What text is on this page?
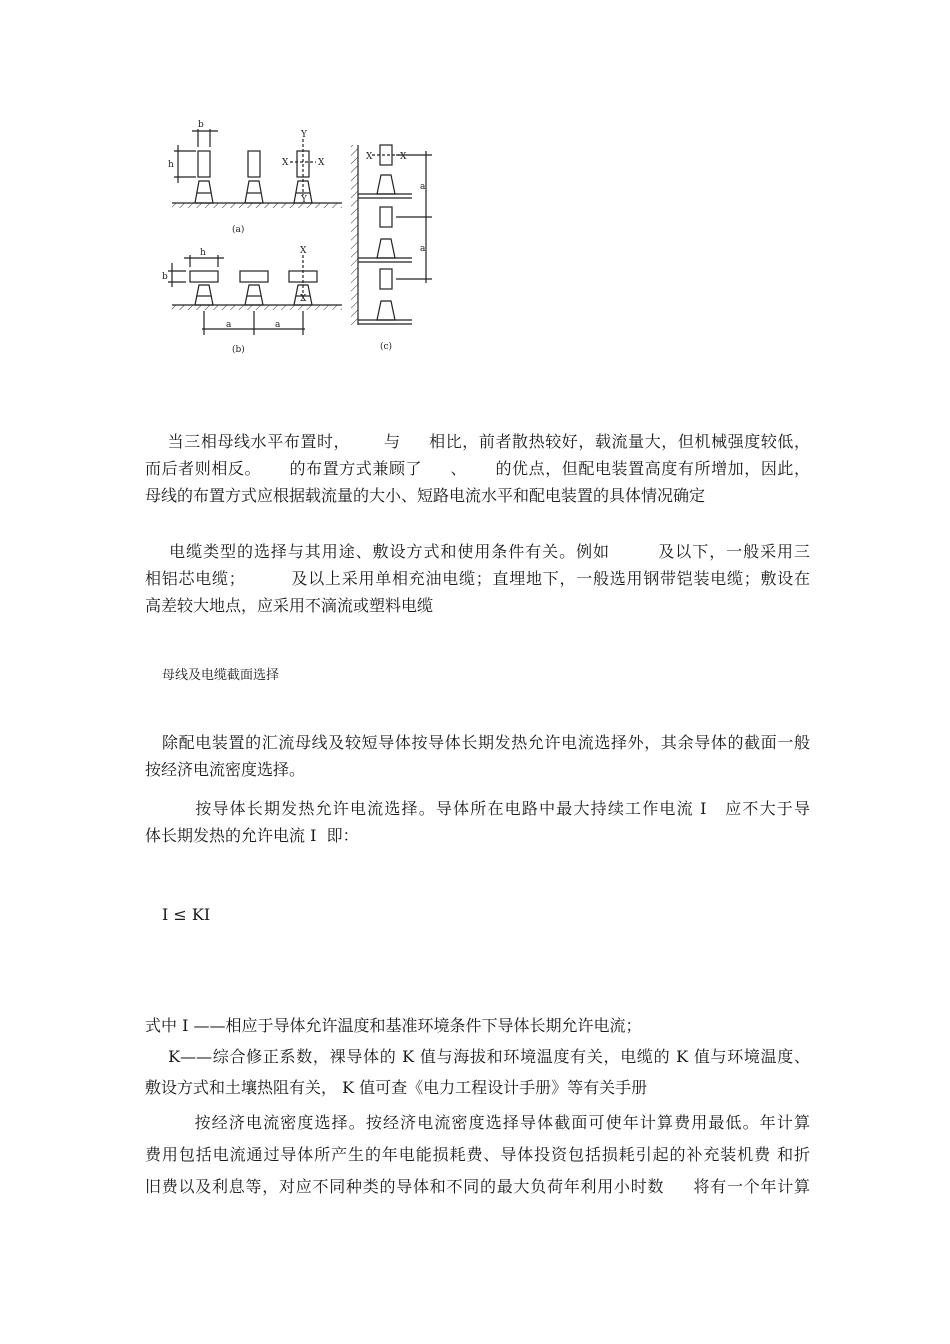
b
h
Y
Y
X	X
(a)
h
b
X
X
a	a
(b)
X	X
a
a
(c)
当三相母线水平布置时，      与     相比，前者散热较好，载流量大，但机械强度较低，
而后者则相反。     的布置方式兼顾了     、     的优点，但配电装置高度有所增加，因此，
母线的布置方式应根据载流量的大小、短路电流水平和配电装置的具体情况确定
电缆类型的选择与其用途、敷设方式和使用条件有关。例如        及以下，一般采用三
相铝芯电缆；        及以上采用单相充油电缆；直埋地下，一般选用钢带铠装电缆；敷设在
高差较大地点，应采用不滴流或塑料电缆
母线及电缆截面选择
除配电装置的汇流母线及较短导体按导体长期发热允许电流选择外，其余导体的截面一般
按经济电流密度选择。
按导体长期发热允许电流选择。导体所在电路中最大持续工作电流 I   应不大于导
体长期发热的允许电流 I  即：
I ≤ KI
式中 I ——相应于导体允许温度和基准环境条件下导体长期允许电流；
K——综合修正系数，裸导体的 K 值与海拔和环境温度有关，电缆的 K 值与环境温度、
敷设方式和土壤热阻有关， K 值可查《电力工程设计手册》等有关手册
按经济电流密度选择。按经济电流密度选择导体截面可使年计算费用最低。年计算
费用包括电流通过导体所产生的年电能损耗费、导体投资包括损耗引起的补充装机费 和折
旧费以及利息等，对应不同种类的导体和不同的最大负荷年利用小时数     将有一个年计算
